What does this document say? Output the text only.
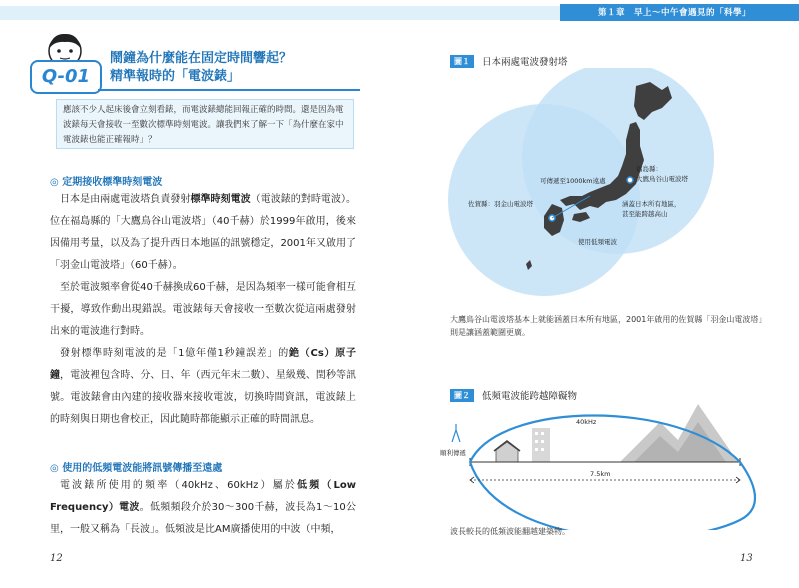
第１章　早上～中午會遇見的「科學」
Q-01
鬧鐘為什麼能在固定時間響起？
精準報時的「電波錶」
應該不少人起床後會立刻看錶，而電波錶總能回報正確的時間。還是因為電波錶每天會接收一至數次標準時刻電波。讓我們來了解一下「為什麼在家中電波錶也能正確報時」？
◎ 定期接收標準時刻電波
日本是由兩處電波塔負責發射標準時刻電波（電波錶的對時電波）。位在福島縣的「大鷹鳥谷山電波塔」（40千赫）於1999年啟用，後來因備用考量，以及為了提升西日本地區的訊號穩定，2001年又啟用了「羽金山電波塔」（60千赫）。
至於電波頻率會從40千赫換成60千赫，是因為頻率一樣可能會相互干擾，導致作動出現錯誤。電波錶每天會接收一至數次從這兩處發射出來的電波進行對時。
發射標準時刻電波的是「1億年僅1秒鐘誤差」的銫（Cs）原子鐘，電波裡包含時、分、日、年（西元年末二數）、星級幾、閏秒等訊號。電波錶會由內建的接收器來接收電波，切換時間資訊，電波錶上的時刻與日期也會校正，因此隨時都能顯示正確的時間訊息。
◎ 使用的低頻電波能將訊號傳播至遠處
電波錶所使用的頻率（40kHz、60kHz）屬於低頻（Low Frequency）電波。低頻頻段介於30～300千赫，波長為1～10公里，一般又稱為「長波」。低頻波是比AM廣播使用的中波（中頻，
12
圖１	日本兩處電波發射塔
可傳遞至1000km遠處
福島縣：
大鷹鳥谷山電波塔
佐賀縣：羽金山電波塔	涵蓋日本所有地區，
甚至能跨越高山
使用低頻電波
大鷹鳥谷山電波塔基本上就能涵蓋日本所有地區，2001年啟用的佐賀縣「羽金山電波塔」則是讓涵蓋範圍更廣。
圖２	低頻電波能跨越障礙物
7.5km
40kHz
順利傳遞
波長較長的低頻波能翻越建築物。
13
